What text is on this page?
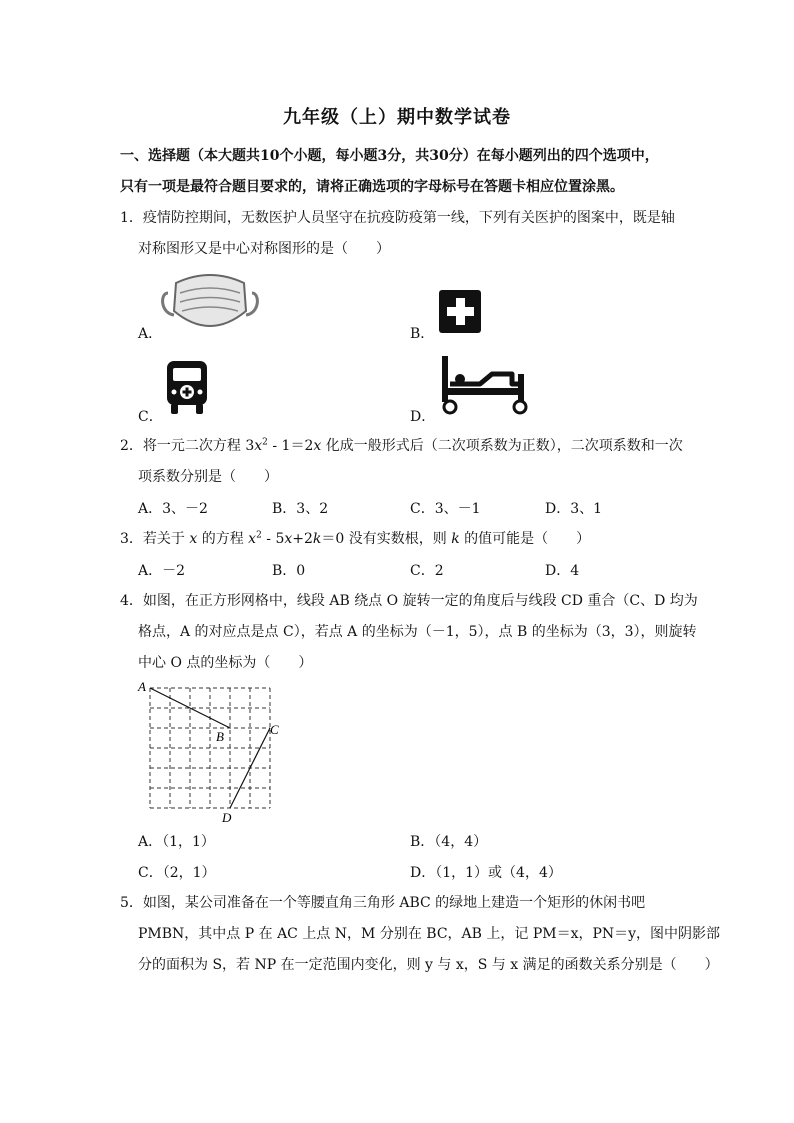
九年级（上）期中数学试卷
一、选择题（本大题共10个小题，每小题3分，共30分）在每小题列出的四个选项中，
只有一项是最符合题目要求的，请将正确选项的字母标号在答题卡相应位置涂黑。
1．疫情防控期间，无数医护人员坚守在抗疫防疫第一线，下列有关医护的图案中，既是轴
对称图形又是中心对称图形的是（　　）
A．	B．
C．	D．
2．将一元二次方程 $3x^2 - 1=2x$ 化成一般形式后（二次项系数为正数），二次项系数和一次
项系数分别是（　　）
A．3、－2	B．3、2	C．3、－1	D．3、1
3．若关于 x 的方程 $x^2 - 5x+2k=0$ 没有实数根，则 k 的值可能是（　　）
A．－2	B．0	C．2	D．4
4．如图，在正方形网格中，线段 AB 绕点 O 旋转一定的角度后与线段 CD 重合（C、D 均为
格点，A 的对应点是点 C），若点 A 的坐标为（－1，5），点 B 的坐标为（3，3），则旋转
中心 O 点的坐标为（　　）
A
B	C
D
A．（1，1）	B．（4，4）
C．（2，1）	D．（1，1）或（4，4）
5．如图，某公司准备在一个等腰直角三角形 ABC 的绿地上建造一个矩形的休闲书吧
PMBN，其中点 P 在 AC 上点 N，M 分别在 BC，AB 上，记 PM＝x，PN＝y，图中阴影部
分的面积为 S，若 NP 在一定范围内变化，则 y 与 x，S 与 x 满足的函数关系分别是（　　）
